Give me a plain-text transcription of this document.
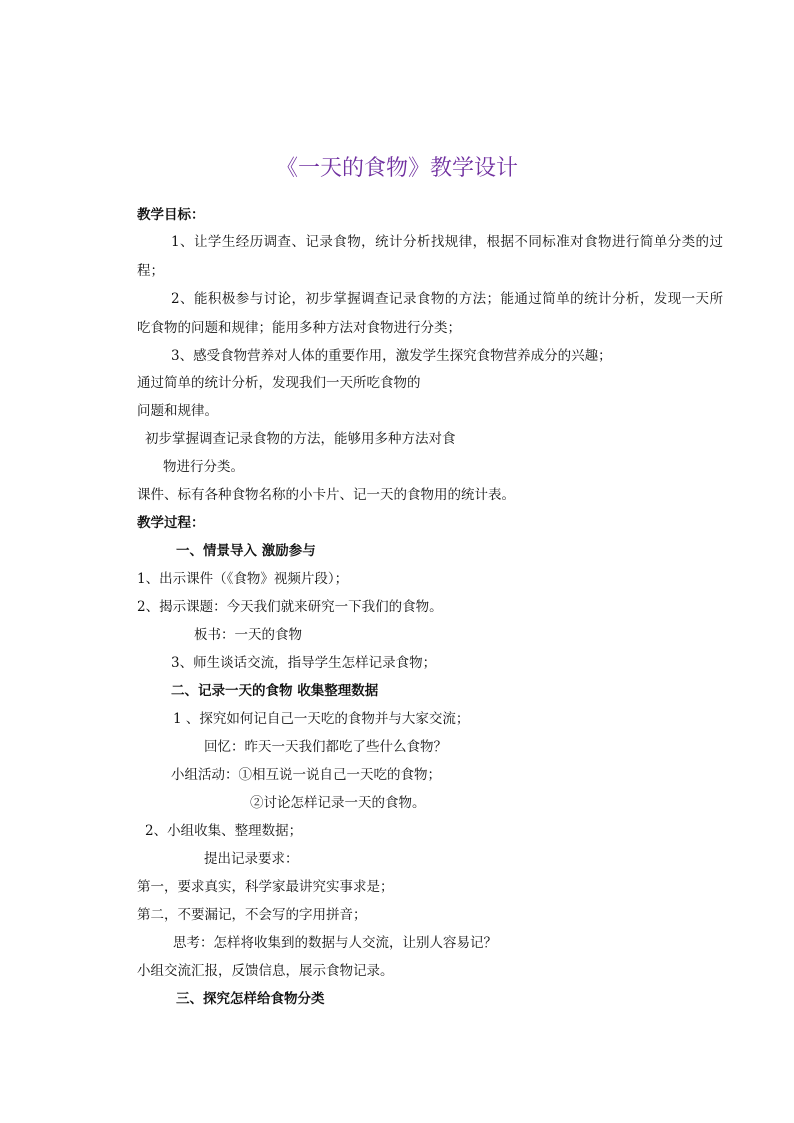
《一天的食物》教学设计
教学目标：
1、让学生经历调查、记录食物，统计分析找规律，根据不同标准对食物进行简单分类的过
程；
2、能积极参与讨论，初步掌握调查记录食物的方法；能通过简单的统计分析，发现一天所
吃食物的问题和规律；能用多种方法对食物进行分类；
3、感受食物营养对人体的重要作用，激发学生探究食物营养成分的兴趣；
通过简单的统计分析，发现我们一天所吃食物的
问题和规律。
初步掌握调查记录食物的方法，能够用多种方法对食
物进行分类。
课件、标有各种食物名称的小卡片、记一天的食物用的统计表。
教学过程：
一、情景导入 激励参与
1、出示课件（《食物》视频片段）；
2、揭示课题：今天我们就来研究一下我们的食物。
板书：一天的食物
3、师生谈话交流，指导学生怎样记录食物；
二、记录一天的食物 收集整理数据
1 、探究如何记自己一天吃的食物并与大家交流；
回忆：昨天一天我们都吃了些什么食物？
小组活动：①相互说一说自己一天吃的食物；
②讨论怎样记录一天的食物。
2、小组收集、整理数据；
提出记录要求：
第一，要求真实，科学家最讲究实事求是；
第二，不要漏记，不会写的字用拼音；
思考：怎样将收集到的数据与人交流，让别人容易记？
小组交流汇报，反馈信息，展示食物记录。
三、探究怎样给食物分类
